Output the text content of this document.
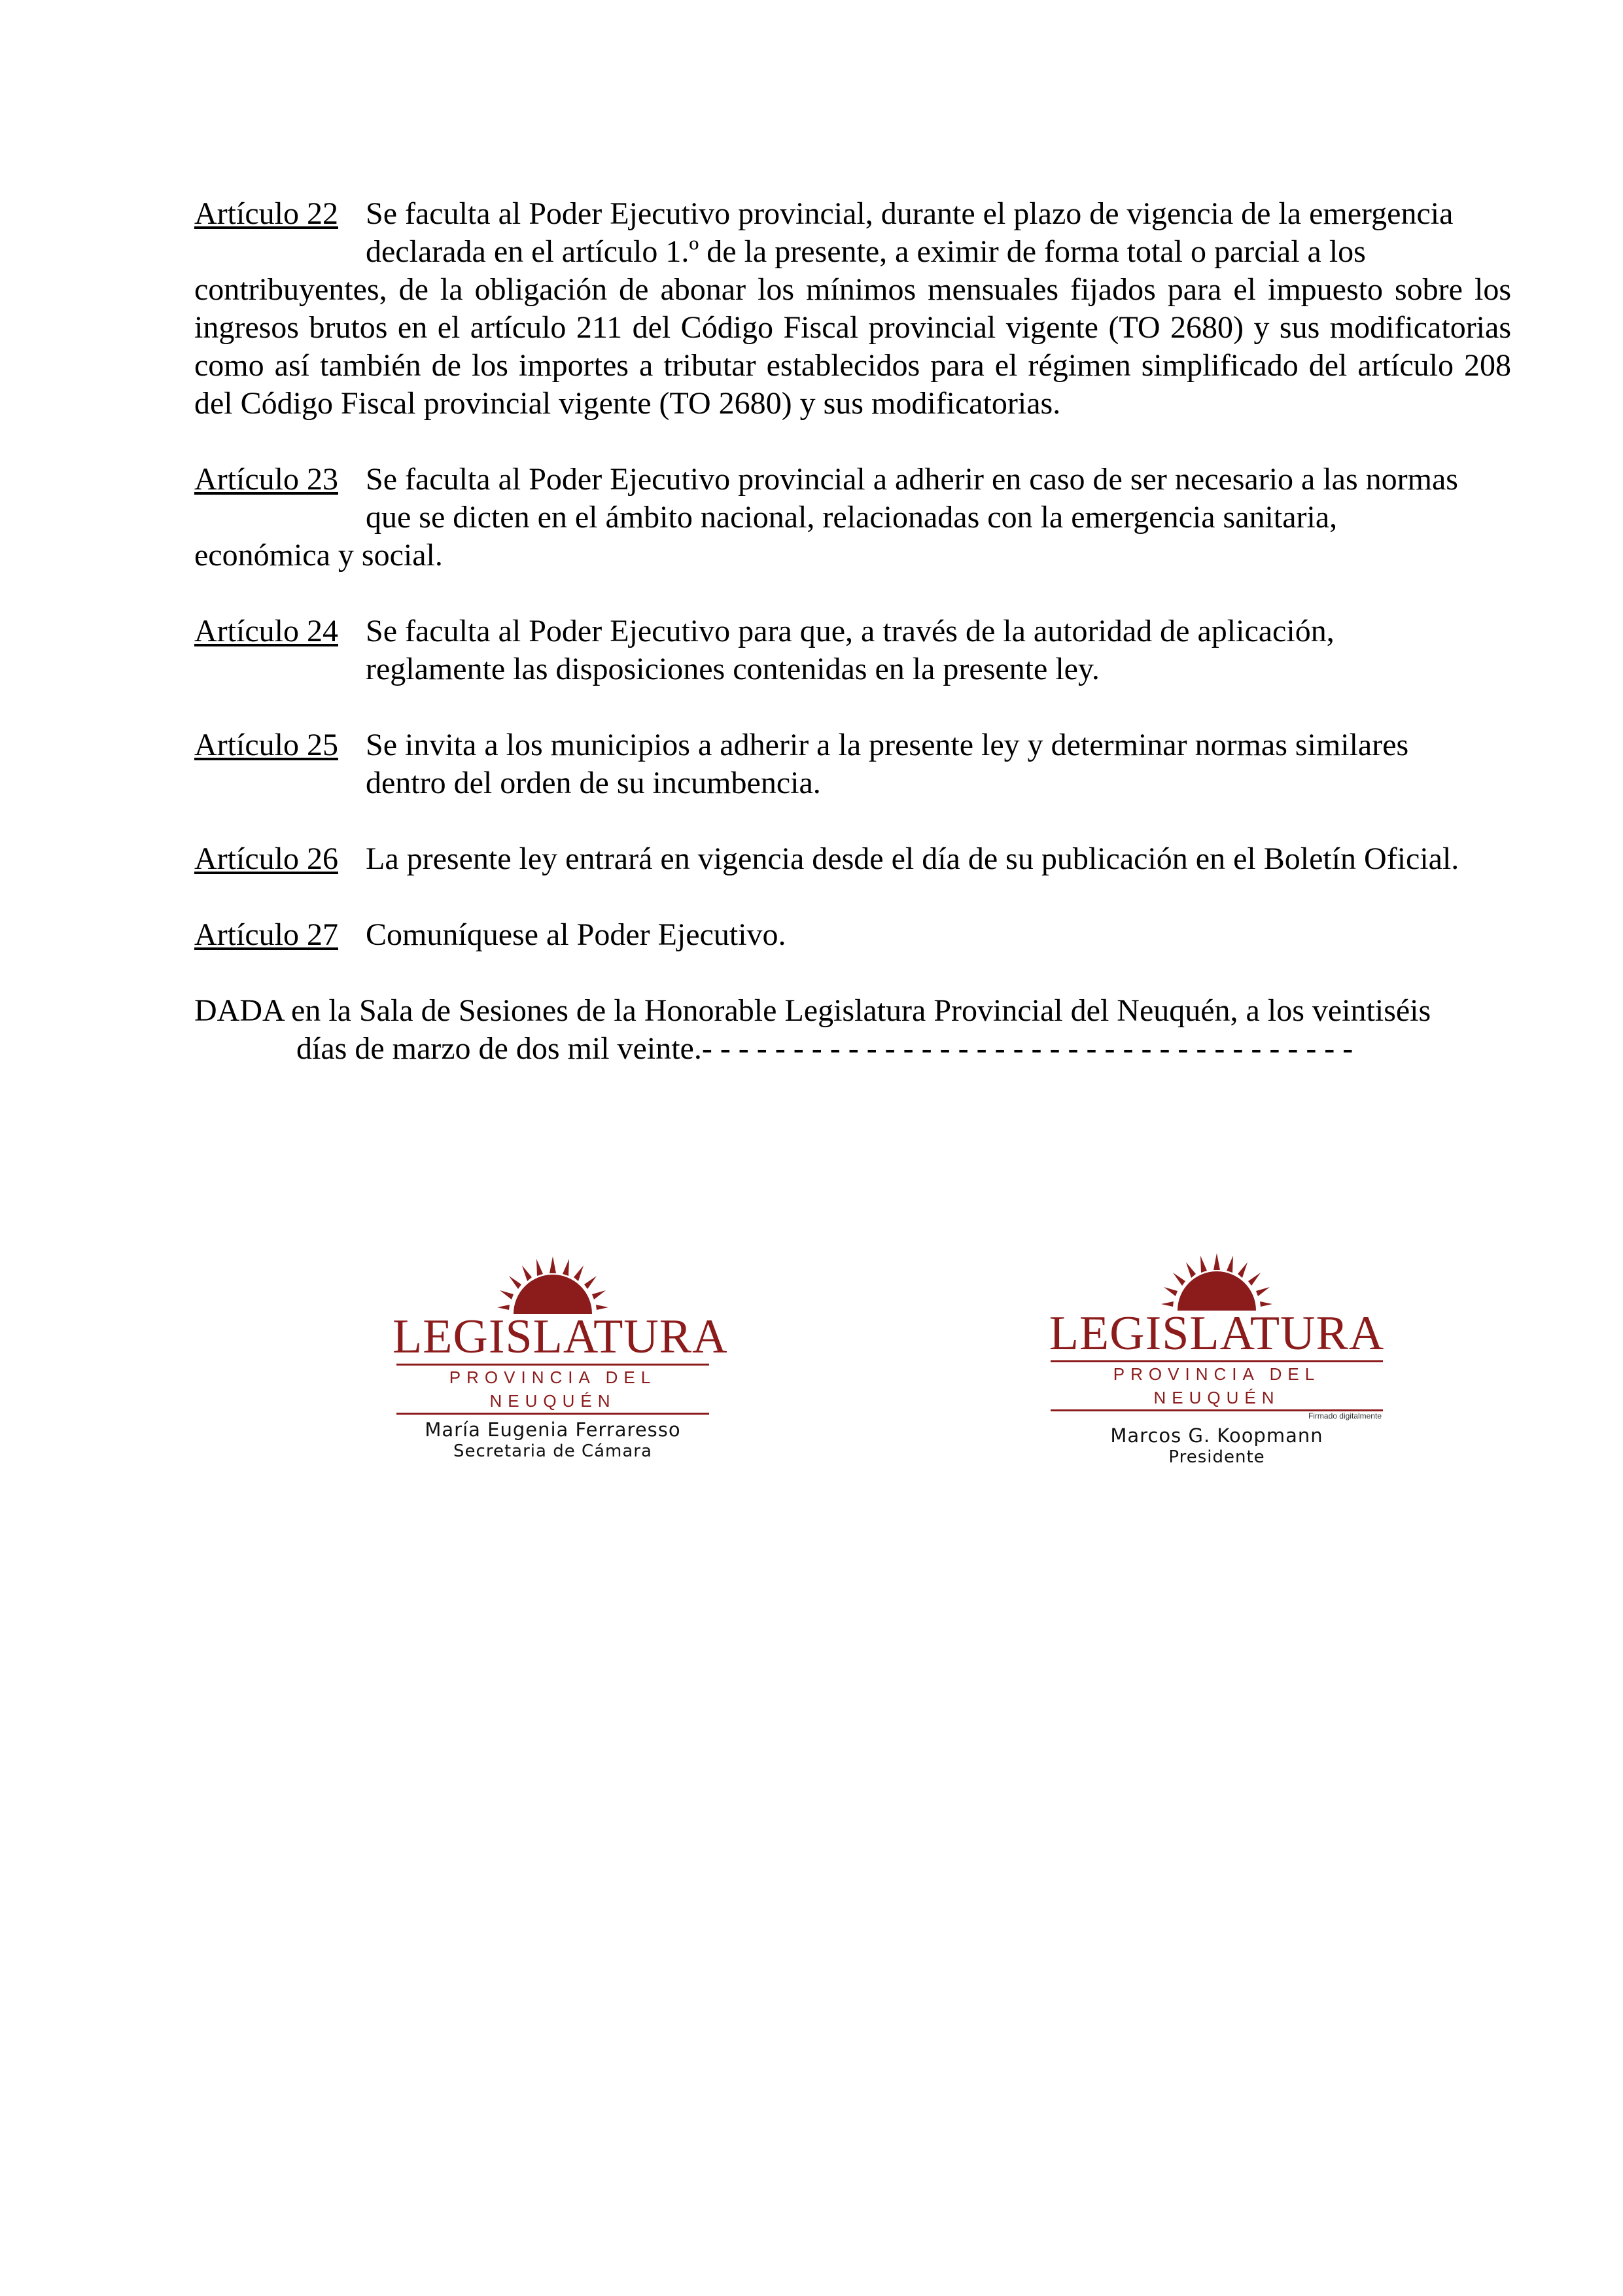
Artículo 22 Se faculta al Poder Ejecutivo provincial, durante el plazo de vigencia de la emergencia
declarada en el artículo 1.º de la presente, a eximir de forma total o parcial a los
contribuyentes, de la obligación de abonar los mínimos mensuales fijados para el impuesto sobre los ingresos brutos en el artículo 211 del Código Fiscal provincial vigente (TO 2680) y sus modificatorias como así también de los importes a tributar establecidos para el régimen simplificado del artículo 208 del Código Fiscal provincial vigente (TO 2680) y sus modificatorias.
Artículo 23 Se faculta al Poder Ejecutivo provincial a adherir en caso de ser necesario a las normas
que se dicten en el ámbito nacional, relacionadas con la emergencia sanitaria,
económica y social.
Artículo 24 Se faculta al Poder Ejecutivo para que, a través de la autoridad de aplicación,
reglamente las disposiciones contenidas en la presente ley.
Artículo 25 Se invita a los municipios a adherir a la presente ley y determinar normas similares
dentro del orden de su incumbencia.
Artículo 26 La presente ley entrará en vigencia desde el día de su publicación en el Boletín Oficial.
Artículo 27 Comuníquese al Poder Ejecutivo.
DADA en la Sala de Sesiones de la Honorable Legislatura Provincial del Neuquén, a los veintiséis
días de marzo de dos mil veinte.- - - - - - - - - - - - - - - - - - - - - - - - - - - - - - - - - - - -
LEGISLATURA
PROVINCIA DEL NEUQUÉN
María Eugenia Ferraresso
Secretaria de Cámara
LEGISLATURA
PROVINCIA DEL NEUQUÉN
Firmado digitalmente
Marcos G. Koopmann
Presidente
